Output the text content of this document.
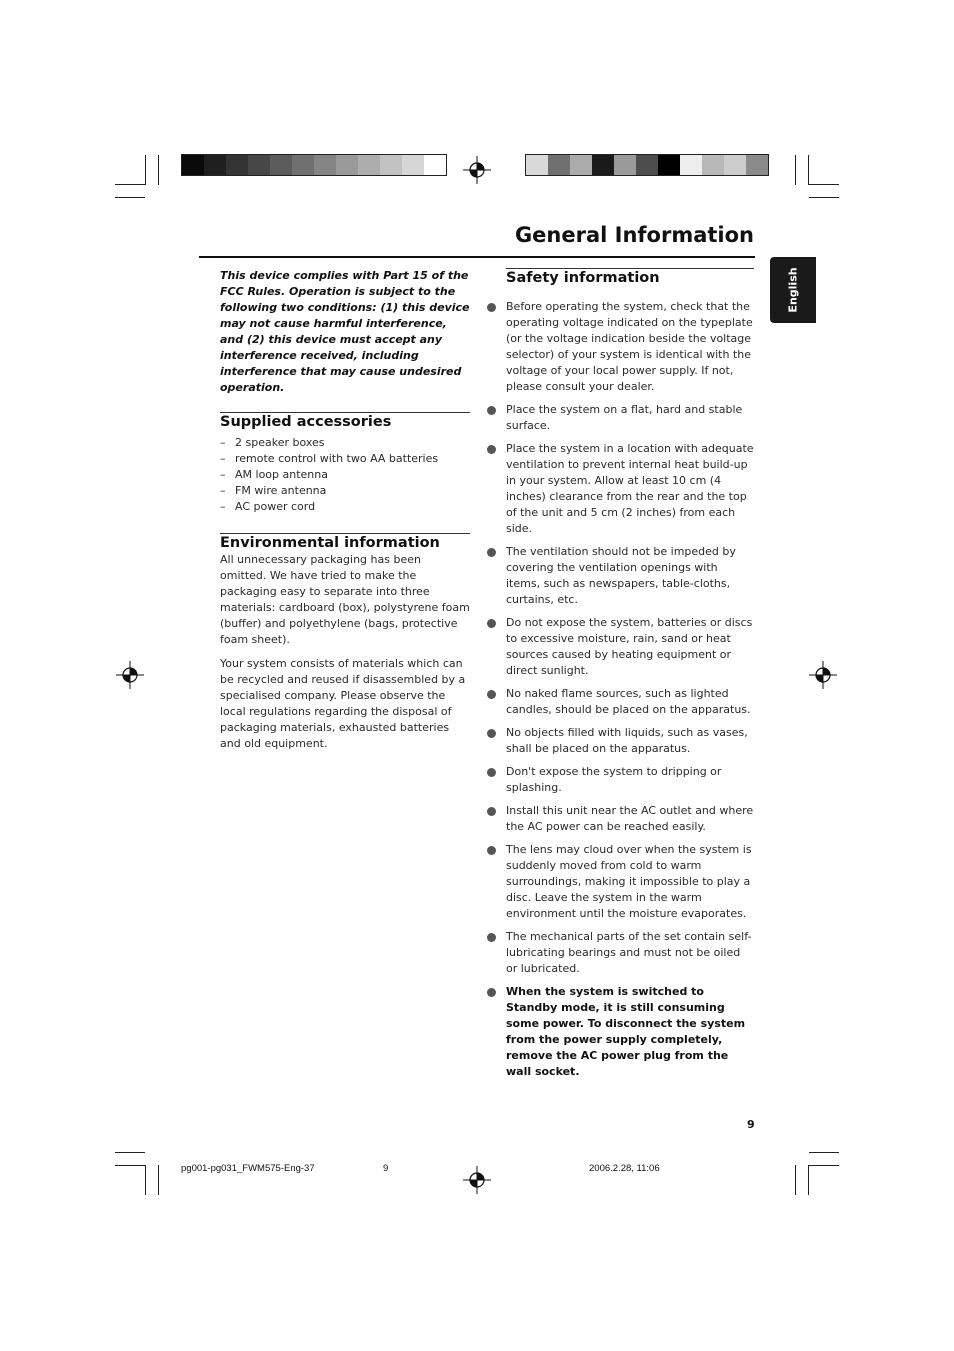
General Information
English

This device complies with Part 15 of the FCC Rules. Operation is subject to the following two conditions: (1) this device may not cause harmful interference, and (2) this device must accept any interference received, including interference that may cause undesired operation.

Supplied accessories
– 2 speaker boxes
– remote control with two AA batteries
– AM loop antenna
– FM wire antenna
– AC power cord
Environmental information

All unnecessary packaging has been omitted. We have tried to make the packaging easy to separate into three materials: cardboard (box), polystyrene foam (buffer) and polyethylene (bags, protective foam sheet).

Your system consists of materials which can be recycled and reused if disassembled by a specialised company. Please observe the local regulations regarding the disposal of packaging materials, exhausted batteries and old equipment.

Safety information
Before operating the system, check that the operating voltage indicated on the typeplate (or the voltage indication beside the voltage selector) of your system is identical with the voltage of your local power supply. If not, please consult your dealer.
Place the system on a flat, hard and stable surface.
Place the system in a location with adequate ventilation to prevent internal heat build-up in your system. Allow at least 10 cm (4 inches) clearance from the rear and the top of the unit and 5 cm (2 inches) from each side.
The ventilation should not be impeded by covering the ventilation openings with items, such as newspapers, table-cloths, curtains, etc.
Do not expose the system, batteries or discs to excessive moisture, rain, sand or heat sources caused by heating equipment or direct sunlight.
No naked flame sources, such as lighted candles, should be placed on the apparatus.
No objects filled with liquids, such as vases, shall be placed on the apparatus.
Don't expose the system to dripping or splashing.
Install this unit near the AC outlet and where the AC power can be reached easily.
The lens may cloud over when the system is suddenly moved from cold to warm surroundings, making it impossible to play a disc. Leave the system in the warm environment until the moisture evaporates.
The mechanical parts of the set contain self-lubricating bearings and must not be oiled or lubricated.
When the system is switched to Standby mode, it is still consuming some power. To disconnect the system from the power supply completely, remove the AC power plug from the wall socket.
9
pg001-pg031_FWM575-Eng-37	9	2006.2.28, 11:06
